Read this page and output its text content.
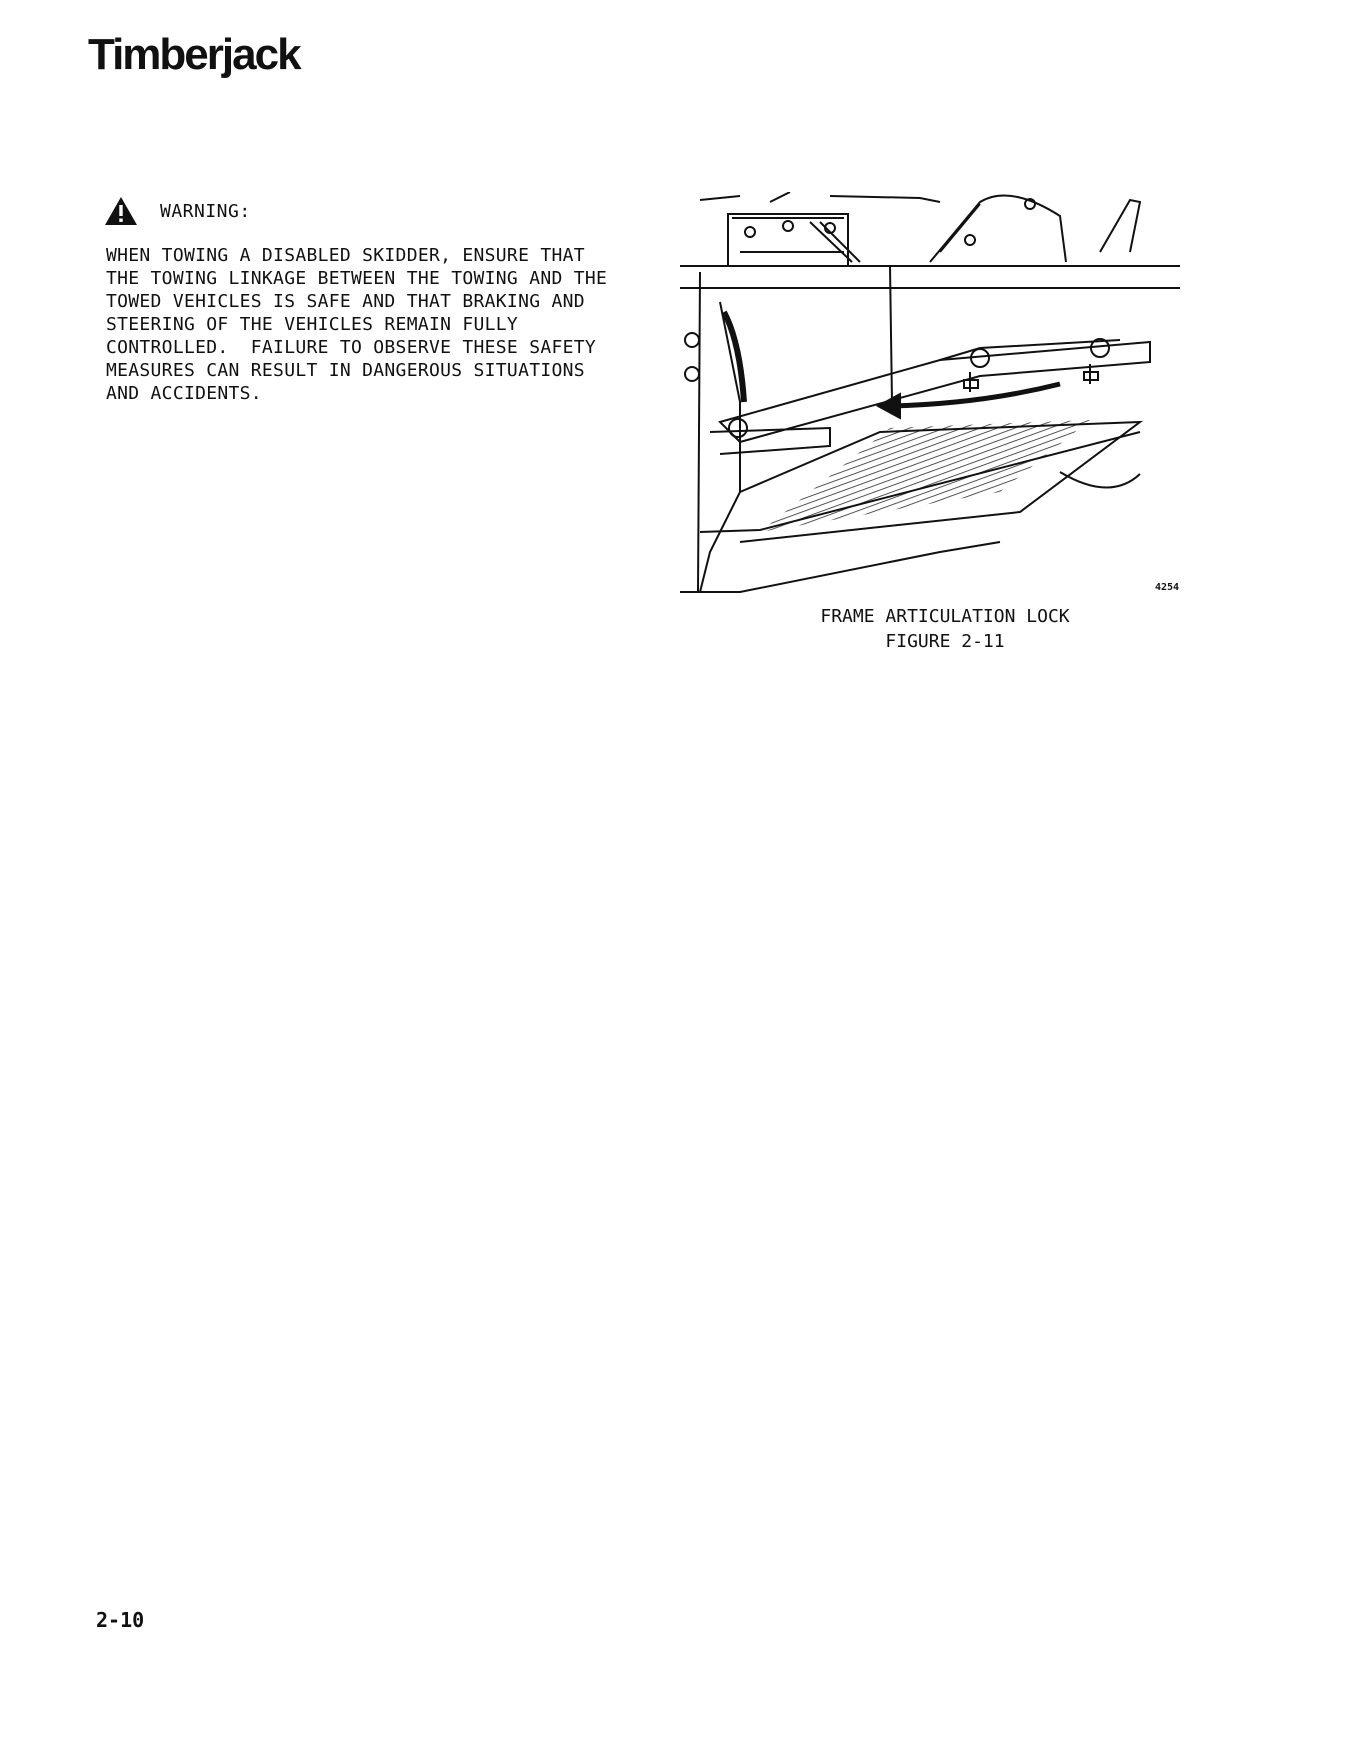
Timberjack
WARNING:
WHEN TOWING A DISABLED SKIDDER, ENSURE THAT
THE TOWING LINKAGE BETWEEN THE TOWING AND THE
TOWED VEHICLES IS SAFE AND THAT BRAKING AND
STEERING OF THE VEHICLES REMAIN FULLY
CONTROLLED.  FAILURE TO OBSERVE THESE SAFETY
MEASURES CAN RESULT IN DANGEROUS SITUATIONS
AND ACCIDENTS.
4254
FRAME ARTICULATION LOCK
FIGURE 2-11
2-10
